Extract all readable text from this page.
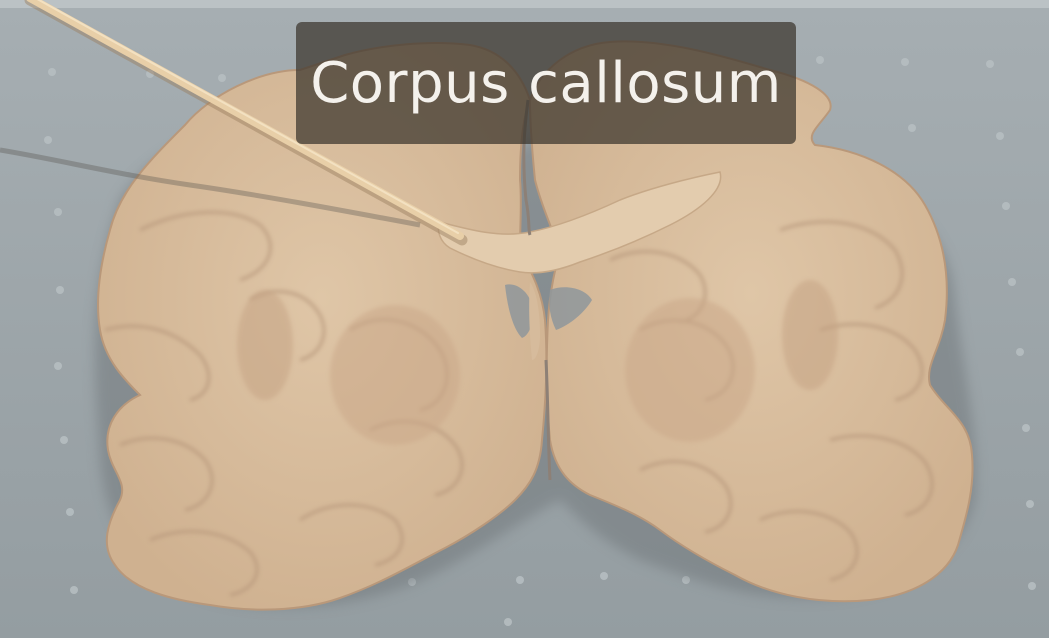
Corpus callosum
